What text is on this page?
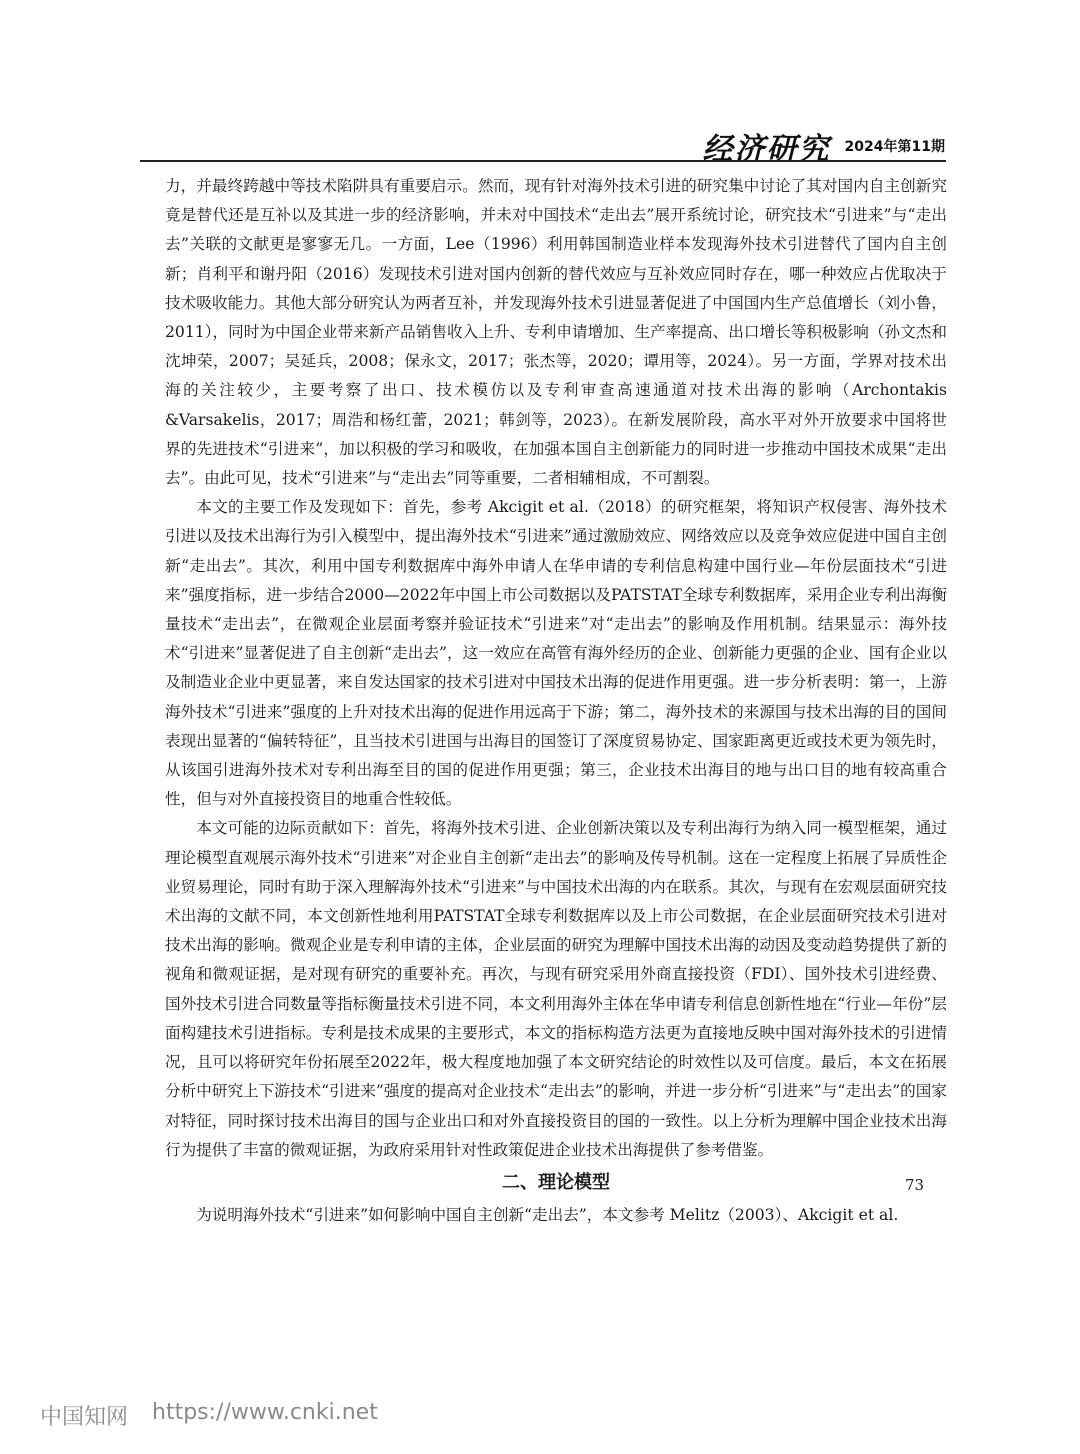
经济研究 2024年第11期

力，并最终跨越中等技术陷阱具有重要启示。然而，现有针对海外技术引进的研究集中讨论了其对国内自主创新究竟是替代还是互补以及其进一步的经济影响，并未对中国技术“走出去”展开系统讨论，研究技术“引进来”与“走出去”关联的文献更是寥寥无几。一方面，Lee（1996）利用韩国制造业样本发现海外技术引进替代了国内自主创新；肖利平和谢丹阳（2016）发现技术引进对国内创新的替代效应与互补效应同时存在，哪一种效应占优取决于技术吸收能力。其他大部分研究认为两者互补，并发现海外技术引进显著促进了中国国内生产总值增长（刘小鲁，2011），同时为中国企业带来新产品销售收入上升、专利申请增加、生产率提高、出口增长等积极影响（孙文杰和沈坤荣，2007；吴延兵，2008；保永文，2017；张杰等，2020；谭用等，2024）。另一方面，学界对技术出海的关注较少，主要考察了出口、技术模仿以及专利审查高速通道对技术出海的影响（Archontakis &Varsakelis，2017；周浩和杨红蕾，2021；韩剑等，2023）。在新发展阶段，高水平对外开放要求中国将世界的先进技术“引进来”，加以积极的学习和吸收，在加强本国自主创新能力的同时进一步推动中国技术成果“走出去”。由此可见，技术“引进来”与“走出去”同等重要，二者相辅相成，不可割裂。

本文的主要工作及发现如下：首先，参考 Akcigit et al.（2018）的研究框架，将知识产权侵害、海外技术引进以及技术出海行为引入模型中，提出海外技术“引进来”通过激励效应、网络效应以及竞争效应促进中国自主创新“走出去”。其次，利用中国专利数据库中海外申请人在华申请的专利信息构建中国行业—年份层面技术“引进来”强度指标，进一步结合2000—2022年中国上市公司数据以及PATSTAT全球专利数据库，采用企业专利出海衡量技术“走出去”，在微观企业层面考察并验证技术“引进来”对“走出去”的影响及作用机制。结果显示：海外技术“引进来”显著促进了自主创新“走出去”，这一效应在高管有海外经历的企业、创新能力更强的企业、国有企业以及制造业企业中更显著，来自发达国家的技术引进对中国技术出海的促进作用更强。进一步分析表明：第一，上游海外技术“引进来”强度的上升对技术出海的促进作用远高于下游；第二，海外技术的来源国与技术出海的目的国间表现出显著的“偏转特征”，且当技术引进国与出海目的国签订了深度贸易协定、国家距离更近或技术更为领先时，从该国引进海外技术对专利出海至目的国的促进作用更强；第三，企业技术出海目的地与出口目的地有较高重合性，但与对外直接投资目的地重合性较低。

本文可能的边际贡献如下：首先，将海外技术引进、企业创新决策以及专利出海行为纳入同一模型框架，通过理论模型直观展示海外技术“引进来”对企业自主创新“走出去”的影响及传导机制。这在一定程度上拓展了异质性企业贸易理论，同时有助于深入理解海外技术“引进来”与中国技术出海的内在联系。其次，与现有在宏观层面研究技术出海的文献不同，本文创新性地利用PATSTAT全球专利数据库以及上市公司数据，在企业层面研究技术引进对技术出海的影响。微观企业是专利申请的主体，企业层面的研究为理解中国技术出海的动因及变动趋势提供了新的视角和微观证据，是对现有研究的重要补充。再次，与现有研究采用外商直接投资（FDI）、国外技术引进经费、国外技术引进合同数量等指标衡量技术引进不同，本文利用海外主体在华申请专利信息创新性地在“行业—年份”层面构建技术引进指标。专利是技术成果的主要形式，本文的指标构造方法更为直接地反映中国对海外技术的引进情况，且可以将研究年份拓展至2022年，极大程度地加强了本文研究结论的时效性以及可信度。最后，本文在拓展分析中研究上下游技术“引进来”强度的提高对企业技术“走出去”的影响，并进一步分析“引进来”与“走出去”的国家对特征，同时探讨技术出海目的国与企业出口和对外直接投资目的国的一致性。以上分析为理解中国企业技术出海行为提供了丰富的微观证据，为政府采用针对性政策促进企业技术出海提供了参考借鉴。

二、理论模型

为说明海外技术“引进来”如何影响中国自主创新“走出去”，本文参考 Melitz（2003）、Akcigit et al.

73
中国知网 https://www.cnki.net
